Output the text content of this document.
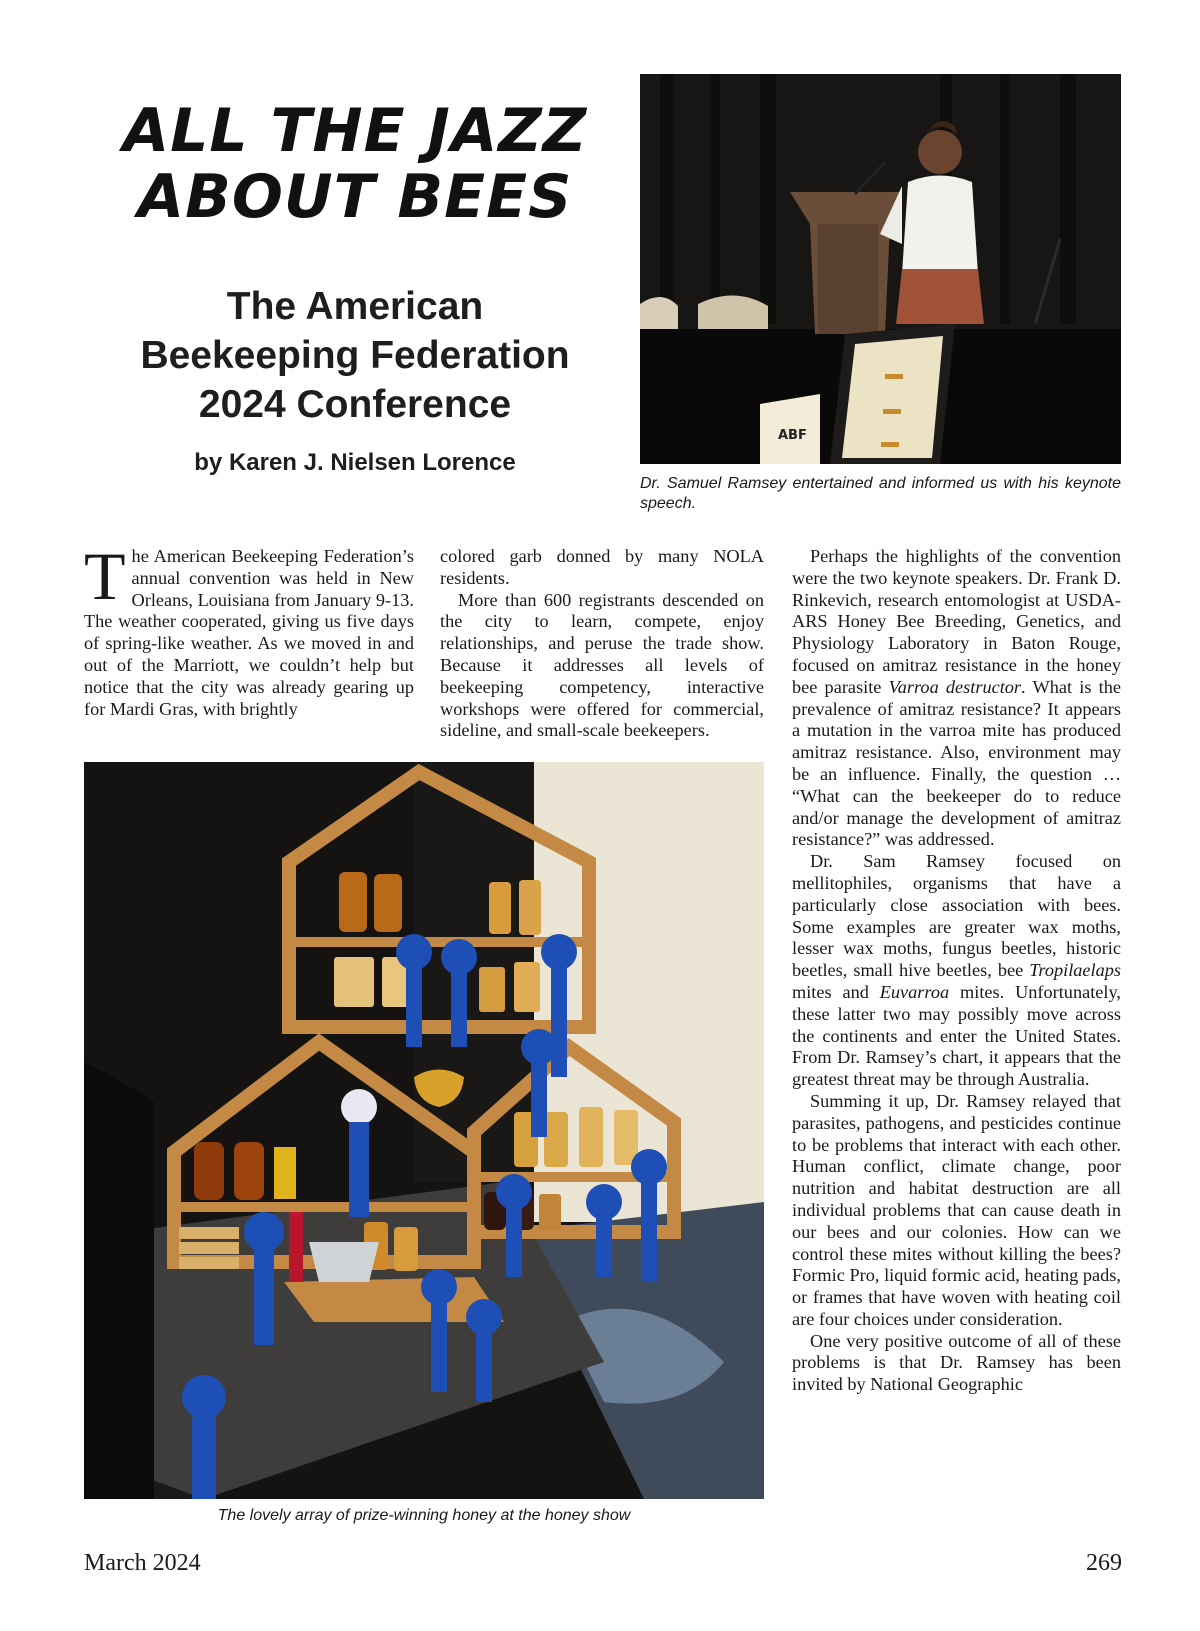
ALL THE JAZZ
ABOUT BEES
The American
Beekeeping Federation
2024 Conference
by Karen J. Nielsen Lorence
ABF
Dr. Samuel Ramsey entertained and informed us with his keynote speech.

The American Beekeeping Federation’s annual convention was held in New Orleans, Louisiana from January 9-13. The weather cooperated, giving us five days of spring-like weather. As we moved in and out of the Marriott, we couldn’t help but notice that the city was already gearing up for Mardi Gras, with brightly

colored garb donned by many NOLA residents.

More than 600 registrants descended on the city to learn, compete, enjoy relationships, and peruse the trade show. Because it addresses all levels of beekeeping competency, interactive workshops were offered for commercial, sideline, and small-scale beekeepers.

Perhaps the highlights of the convention were the two keynote speakers. Dr. Frank D. Rinkevich, research entomologist at USDA-ARS Honey Bee Breeding, Genetics, and Physiology Laboratory in Baton Rouge, focused on amitraz resistance in the honey bee parasite Varroa destructor. What is the prevalence of amitraz resistance? It appears a mutation in the varroa mite has produced amitraz resistance. Also, environment may be an influence. Finally, the question … “What can the beekeeper do to reduce and/or manage the development of amitraz resistance?” was addressed.

Dr. Sam Ramsey focused on mellitophiles, organisms that have a particularly close association with bees. Some examples are greater wax moths, lesser wax moths, fungus beetles, historic beetles, small hive beetles, bee Tropilaelaps mites and Euvarroa mites. Unfortunately, these latter two may possibly move across the continents and enter the United States. From Dr. Ramsey’s chart, it appears that the greatest threat may be through Australia.

Summing it up, Dr. Ramsey relayed that parasites, pathogens, and pesticides continue to be problems that interact with each other. Human conflict, climate change, poor nutrition and habitat destruction are all individual problems that can cause death in our bees and our colonies. How can we control these mites without killing the bees? Formic Pro, liquid formic acid, heating pads, or frames that have woven with heating coil are four choices under consideration.

One very positive outcome of all of these problems is that Dr. Ramsey has been invited by National Geographic

The lovely array of prize-winning honey at the honey show
March 2024	269
